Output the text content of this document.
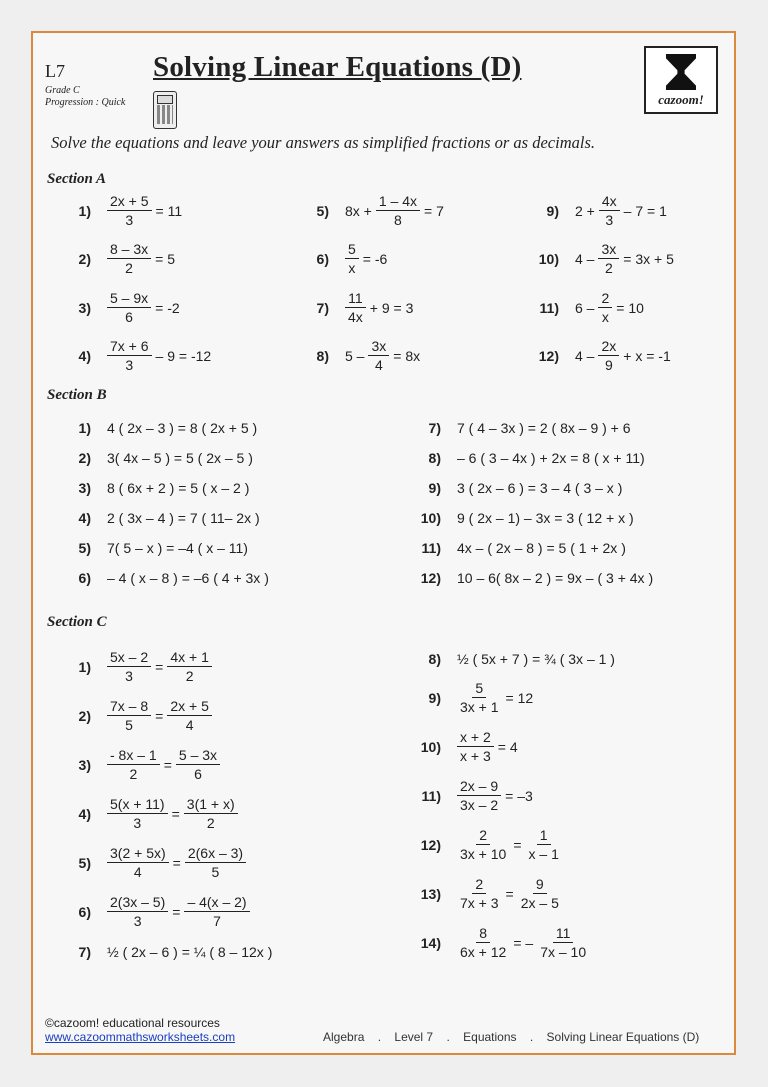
L7
Grade C
Progression : Quick
Solving Linear Equations (D)
cazoom!
Solve the equations and leave your answers as simplified fractions or as decimals.
Section A
$1) \frac{2x + 5}{3} = 11$
$2) \frac{8 - 3x}{2} = 5$
$3) \frac{5 - 9x}{6} = -2$
$4) \frac{7x + 6}{3} - 9 = -12$
5) $8x + \frac{1 - 4x}{8} = 7$
$6) \frac{5}{x} = -6$
$7) \frac{11}{4x} + 9 = 3$
8) $5 - \frac{3x}{4} = 8x$
9) $2 + \frac{4x}{3} - 7 = 1$
10) $4 - \frac{3x}{2} = 3x + 5$
11) $6 - \frac{2}{x} = 10$
12) $4 - \frac{2x}{9} + x = -1$
Section B
1) 4 ( 2x – 3 ) = 8 ( 2x + 5 )
2) 3( 4x – 5 ) = 5 ( 2x – 5 )
3) 8 ( 6x + 2 ) = 5 ( x – 2 )
4) 2 ( 3x – 4 ) = 7 ( 11– 2x )
5) 7( 5 – x ) = –4 ( x – 11)
6) – 4 ( x – 8 ) = –6 ( 4 + 3x )
7) 7 ( 4 – 3x ) = 2 ( 8x – 9 ) + 6
8) – 6 ( 3 – 4x ) + 2x = 8 ( x + 11)
9) 3 ( 2x – 6 ) = 3 – 4 ( 3 – x )
10) 9 ( 2x – 1) – 3x = 3 ( 12 + x )
11) 4x – ( 2x – 8 ) = 5 ( 1 + 2x )
12) 10 – 6( 8x – 2 ) = 9x – ( 3 + 4x )
Section C
$1) \frac{5x - 2}{3} = \frac{4x + 1}{2}$
$2) \frac{7x - 8}{5} = \frac{2x + 5}{4}$
$3) \frac{- 8x - 1}{2} = \frac{5 - 3x}{6}$
$4) \frac{5(x + 11)}{3} = \frac{3(1 + x)}{2}$
$5) \frac{3(2 + 5x)}{4} = \frac{2(6x - 3)}{5}$
$6) \frac{2(3x - 5)}{3} = \frac{- 4(x - 2)}{7}$
7) ½ ( 2x – 6 ) = ¼ ( 8 – 12x )
8) ½ ( 5x + 7 ) = ¾ ( 3x – 1 )
$9) \frac{5}{3x + 1} = 12$
$10) \frac{x + 2}{x + 3} = 4$
$11) \frac{2x - 9}{3x - 2} = -3$
$12) \frac{2}{3x + 10} = \frac{1}{x - 1}$
$13) \frac{2}{7x + 3} = \frac{9}{2x - 5}$
$14) \frac{8}{6x + 12}$ = – $\frac{11}{7x - 10}$
©cazoom! educational resources
www.cazoommathsworksheets.com	Algebra . Level 7 . Equations . Solving Linear Equations (D)
